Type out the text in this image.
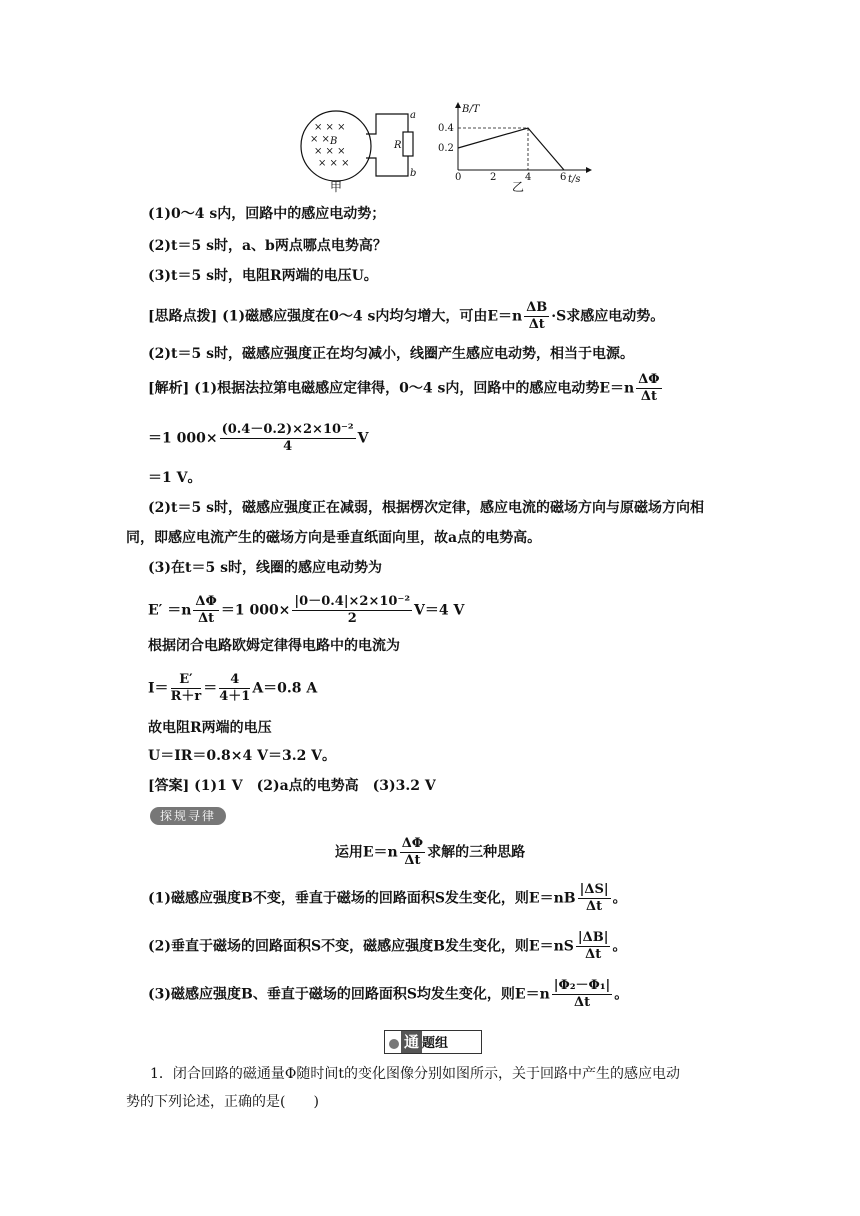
× × ×
× ×
× × ×
× × ×
B	R
a
b
甲
B/T
t/s
0.2
0.4
0	2	4	6
乙
(1)0～4 s内，回路中的感应电动势；
(2)t＝5 s时，a、b两点哪点电势高？
(3)t＝5 s时，电阻R两端的电压U。
[思路点拨] (1)磁感应强度在0～4 s内均匀增大，可由$E=n \frac{\Delta B}{\Delta t} \cdot S$求感应电动势。
(2)t＝5 s时，磁感应强度正在均匀减小，线圈产生感应电动势，相当于电源。
[解析] (1)根据法拉第电磁感应定律得，0～4 s内，回路中的感应电动势$E=n \frac{\Delta\Phi}{\Delta t}$
＝1 $000\times \frac{\text{(0.4－0.2)×2×10⁻²}}{4}$ V
＝1 V。
(2)t＝5 s时，磁感应强度正在减弱，根据楞次定律，感应电流的磁场方向与原磁场方向相
同，即感应电流产生的磁场方向是垂直纸面向里，故a点的电势高。
(3)在t＝5 s时，线圈的感应电动势为
$E' =n \frac{\Delta\Phi}{\Delta t} =1$ $000\times \frac{\text{|0－0.4|×2×10⁻²}}{2} V=4$ V
根据闭合电路欧姆定律得电路中的电流为
$I= \frac{E'}{R+r} = \frac{4}{4+1} A=0.8$ A
故电阻R两端的电压
U＝IR＝0.8×4 V＝3.2 V。
[答案] (1)1 V　(2)a点的电势高　(3)3.2 V
探规寻律
运用$E=n \frac{\Delta\Phi}{\Delta t}$ 求解的三种思路
(1)磁感应强度B不变，垂直于磁场的回路面积S发生变化，则$E=nB \frac{|\Delta S|}{\Delta t}$ 。
(2)垂直于磁场的回路面积S不变，磁感应强度B发生变化，则$E=nS \frac{|\Delta B|}{\Delta t}$ 。
(3)磁感应强度B、垂直于磁场的回路面积S均发生变化，则$E=n \frac{\text{|Φ₂－Φ₁|}}{\Delta t}$ 。
通 题组
1．闭合回路的磁通量Φ随时间t的变化图像分别如图所示，关于回路中产生的感应电动
势的下列论述，正确的是(　　)
